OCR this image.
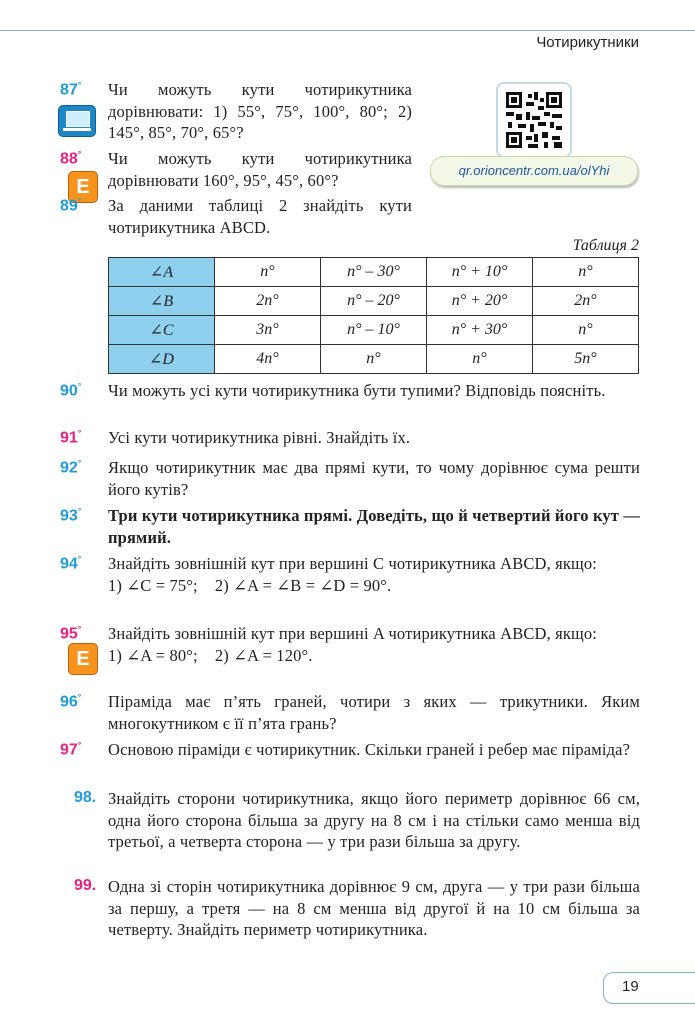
Чотирикутники
qr.orioncentr.com.ua/olYhi
E
E
87° Чи можуть кути чотирикутника дорівнювати: 1) 55°, 75°, 100°, 80°; 2) 145°, 85°, 70°, 65°?
88° Чи можуть кути чотирикутника дорівнювати 160°, 95°, 45°, 60°?
89° За даними таблиці 2 знайдіть кути чотирикутника ABCD.
Таблиця 2
∠A	n°	n° – 30°	n° + 10°	n°
∠B	2n°	n° – 20°	n° + 20°	2n°
∠C	3n°	n° – 10°	n° + 30°	n°
∠D	4n°	n°	n°	5n°
90° Чи можуть усі кути чотирикутника бути тупими? Відповідь поясніть.
91° Усі кути чотирикутника рівні. Знайдіть їх.
92° Якщо чотирикутник має два прямі кути, то чому дорівнює сума решти його кутів?
93° Три кути чотирикутника прямі. Доведіть, що й четвертий його кут — прямий.
94° Знайдіть зовнішній кут при вершині C чотирикутника ABCD, якщо:

1) ∠C = 75°;    2) ∠A = ∠B = ∠D = 90°.

95° Знайдіть зовнішній кут при вершині A чотирикутника ABCD, якщо:

1) ∠A = 80°;    2) ∠A = 120°.

96° Піраміда має п’ять граней, чотири з яких — трикутники. Яким многокутником є її п’ята грань?
97° Основою піраміди є чотирикутник. Скільки граней і ребер має піраміда?
98. Знайдіть сторони чотирикутника, якщо його периметр дорівнює 66 см, одна його сторона більша за другу на 8 см і на стільки само менша від третьої, а четверта сторона — у три рази більша за другу.
99. Одна зі сторін чотирикутника дорівнює 9 см, друга — у три рази більша за першу, а третя — на 8 см менша від другої й на 10 см більша за четверту. Знайдіть периметр чотирикутника.
19
